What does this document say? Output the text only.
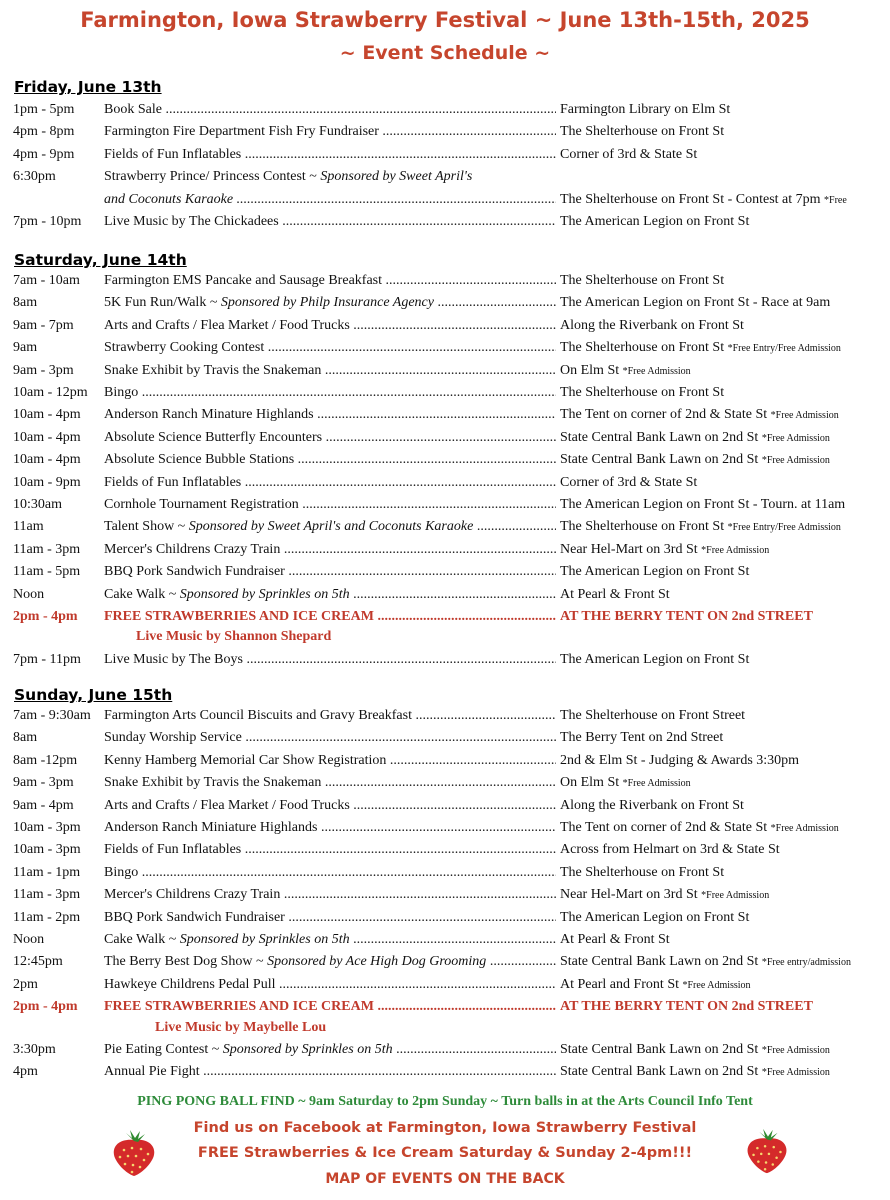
Farmington, Iowa Strawberry Festival ~ June 13th-15th, 2025
~ Event Schedule ~
Friday, June 13th
1pm - 5pm Book Sale .....	Farmington Library on Elm St
4pm - 8pm Farmington Fire Department Fish Fry Fundraiser .....	The Shelterhouse on Front St
4pm - 9pm Fields of Fun Inflatables .....	Corner of 3rd & State St
6:30pm	Strawberry Prince/ Princess Contest ~ Sponsored by Sweet April's
and Coconuts Karaoke .....	The Shelterhouse on Front St - Contest at 7pm *Free
7pm - 10pm Live Music by The Chickadees .....	The American Legion on Front St
Saturday, June 14th
7am - 10am Farmington EMS Pancake and Sausage Breakfast .....	The Shelterhouse on Front St
8am	5K Fun Run/Walk ~ Sponsored by Philp Insurance Agency .....	The American Legion on Front St - Race at 9am
9am - 7pm Arts and Crafts / Flea Market / Food Trucks .....	Along the Riverbank on Front St
9am	Strawberry Cooking Contest .....	The Shelterhouse on Front St *Free Entry/Free Admission
9am - 3pm Snake Exhibit by Travis the Snakeman .....	On Elm St *Free Admission
10am - 12pm Bingo .....	The Shelterhouse on Front St
10am - 4pm Anderson Ranch Minature Highlands .....	The Tent on corner of 2nd & State St *Free Admission
10am - 4pm Absolute Science Butterfly Encounters .....	State Central Bank Lawn on 2nd St *Free Admission
10am - 4pm Absolute Science Bubble Stations .....	State Central Bank Lawn on 2nd St *Free Admission
10am - 9pm Fields of Fun Inflatables .....	Corner of 3rd & State St
10:30am	Cornhole Tournament Registration .....	The American Legion on Front St - Tourn. at 11am
11am	Talent Show ~ Sponsored by Sweet April's and Coconuts Karaoke .....	The Shelterhouse on Front St *Free Entry/Free Admission
11am - 3pm Mercer's Childrens Crazy Train .....	Near Hel-Mart on 3rd St *Free Admission
11am - 5pm BBQ Pork Sandwich Fundraiser .....	The American Legion on Front St
Noon	Cake Walk ~ Sponsored by Sprinkles on 5th .....	At Pearl & Front St
2pm - 4pm FREE STRAWBERRIES AND ICE CREAM .....	AT THE BERRY TENT ON 2nd STREET
Live Music by Shannon Shepard
7pm - 11pm Live Music by The Boys .....	The American Legion on Front St
Sunday, June 15th
7am - 9:30am Farmington Arts Council Biscuits and Gravy Breakfast .....	The Shelterhouse on Front Street
8am	Sunday Worship Service .....	The Berry Tent on 2nd Street
8am -12pm Kenny Hamberg Memorial Car Show Registration .....	2nd & Elm St - Judging & Awards 3:30pm
9am - 3pm Snake Exhibit by Travis the Snakeman .....	On Elm St *Free Admission
9am - 4pm Arts and Crafts / Flea Market / Food Trucks .....	Along the Riverbank on Front St
10am - 3pm Anderson Ranch Miniature Highlands .....	The Tent on corner of 2nd & State St *Free Admission
10am - 3pm Fields of Fun Inflatables .....	Across from Helmart on 3rd & State St
11am - 1pm Bingo .....	The Shelterhouse on Front St
11am - 3pm Mercer's Childrens Crazy Train .....	Near Hel-Mart on 3rd St *Free Admission
11am - 2pm BBQ Pork Sandwich Fundraiser .....	The American Legion on Front St
Noon	Cake Walk ~ Sponsored by Sprinkles on 5th .....	At Pearl & Front St
12:45pm	The Berry Best Dog Show ~ Sponsored by Ace High Dog Grooming .....	State Central Bank Lawn on 2nd St *Free entry/admission
2pm	Hawkeye Childrens Pedal Pull .....	At Pearl and Front St *Free Admission
2pm - 4pm FREE STRAWBERRIES AND ICE CREAM .....	AT THE BERRY TENT ON 2nd STREET
Live Music by Maybelle Lou
3:30pm	Pie Eating Contest ~ Sponsored by Sprinkles on 5th .....	State Central Bank Lawn on 2nd St *Free Admission
4pm	Annual Pie Fight .....	State Central Bank Lawn on 2nd St *Free Admission
PING PONG BALL FIND ~ 9am Saturday to 2pm Sunday ~ Turn balls in at the Arts Council Info Tent
Find us on Facebook at Farmington, Iowa Strawberry Festival
FREE Strawberries & Ice Cream Saturday & Sunday 2-4pm!!!
MAP OF EVENTS ON THE BACK
